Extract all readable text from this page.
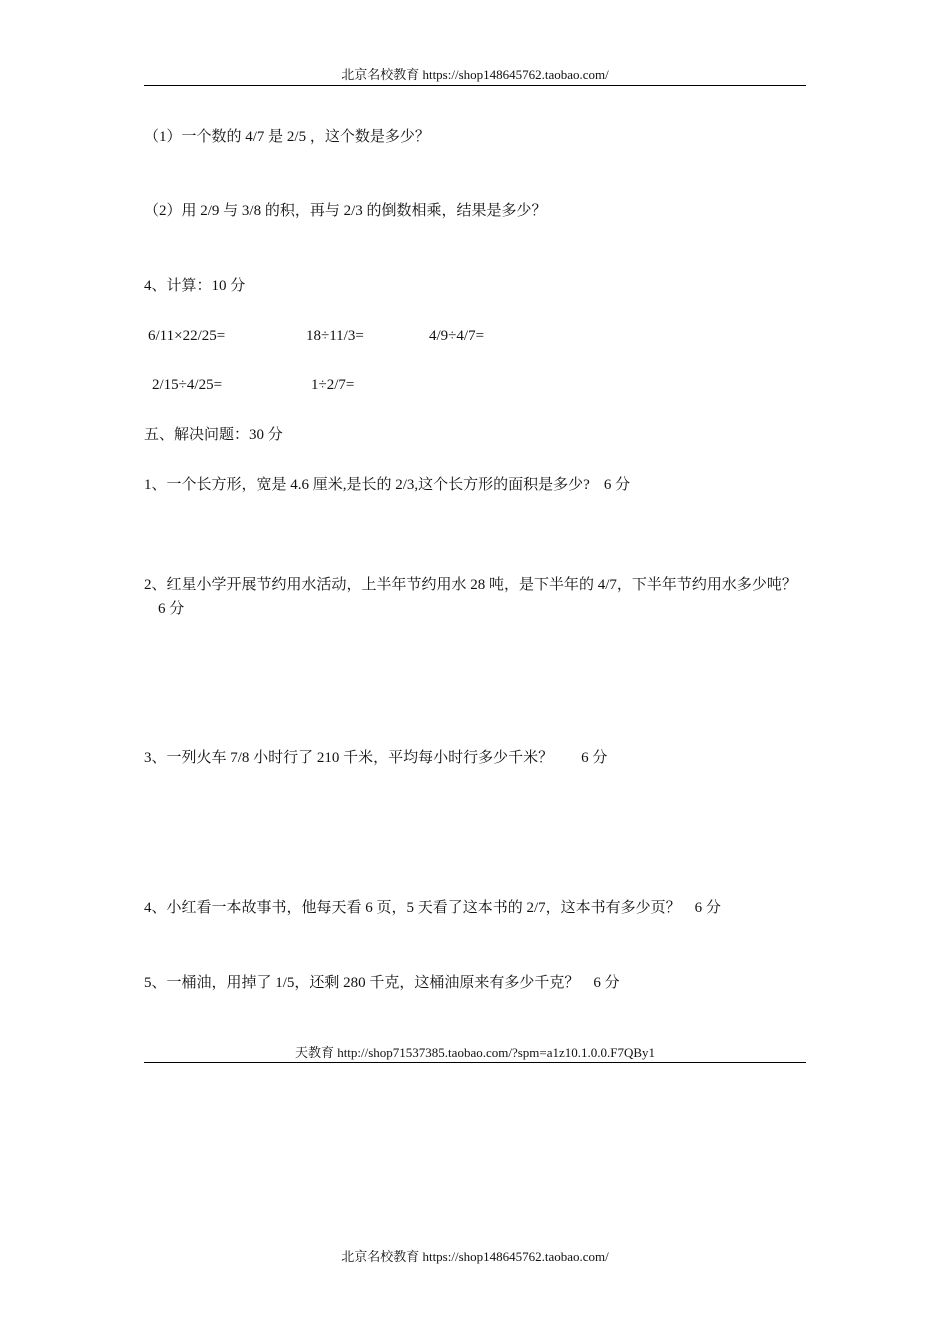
北京名校教育 https://shop148645762.taobao.com/
（1）一个数的 4/7 是 2/5 ，这个数是多少？
（2）用 2/9 与 3/8 的积，再与 2/3 的倒数相乘，结果是多少？
4、计算：10 分
6/11×22/25=	18÷11/3=	4/9÷4/7=
2/15÷4/25=	1÷2/7=
五、解决问题：30 分
1、一个长方形，宽是 4.6 厘米,是长的 2/3,这个长方形的面积是多少? 6 分
2、红星小学开展节约用水活动，上半年节约用水 28 吨，是下半年的 4/7，下半年节约用水多少吨？6 分
3、一列火车 7/8 小时行了 210 千米，平均每小时行多少千米？ 6 分
4、小红看一本故事书，他每天看 6 页，5 天看了这本书的 2/7，这本书有多少页？ 6 分
5、一桶油，用掉了 1/5，还剩 280 千克，这桶油原来有多少千克？ 6 分
天教育 http://shop71537385.taobao.com/?spm=a1z10.1.0.0.F7QBy1
北京名校教育 https://shop148645762.taobao.com/
